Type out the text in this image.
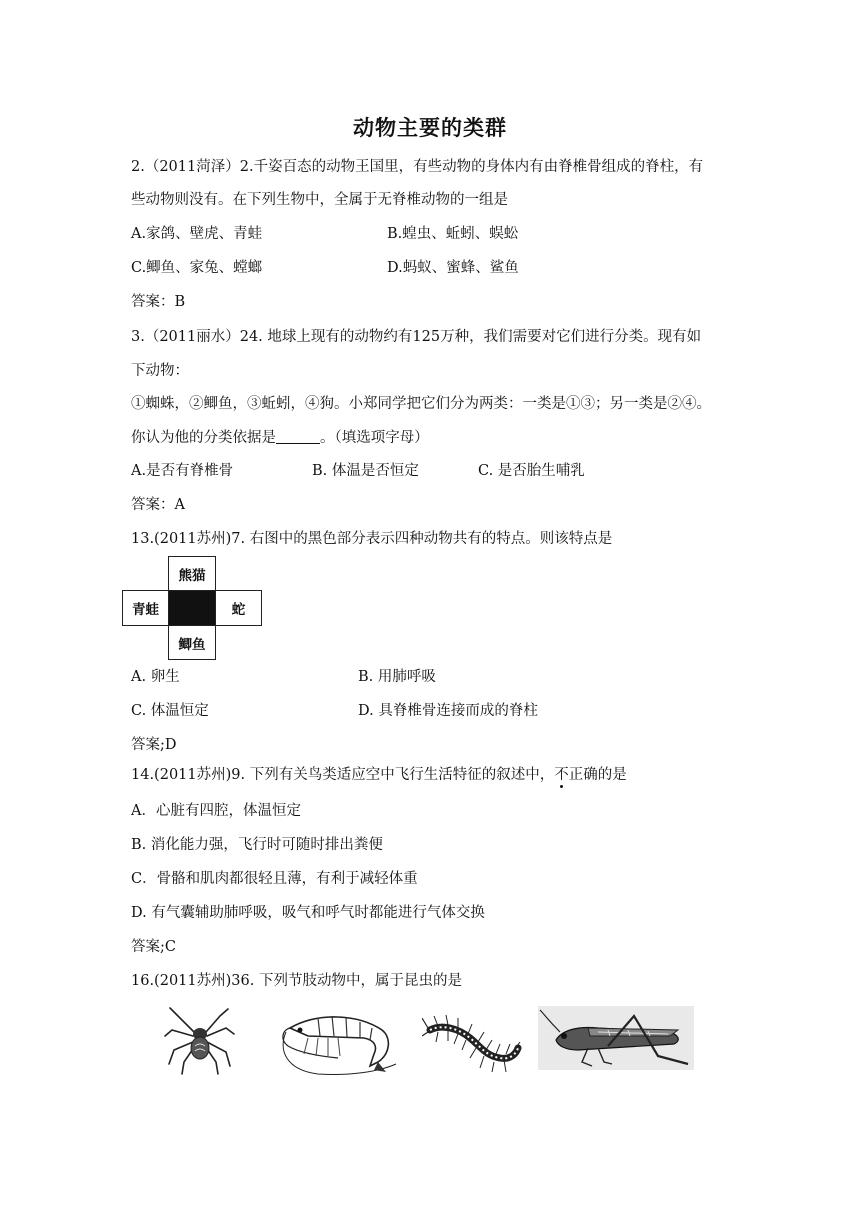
动物主要的类群
2.（2011菏泽）2.千姿百态的动物王国里，有些动物的身体内有由脊椎骨组成的脊柱，有
些动物则没有。在下列生物中，全属于无脊椎动物的一组是
A.家鸽、壁虎、青蛙	B.蝗虫、蚯蚓、蜈蚣
C.鲫鱼、家兔、螳螂	D.蚂蚁、蜜蜂、鲨鱼
答案：B
3.（2011丽水）24. 地球上现有的动物约有125万种，我们需要对它们进行分类。现有如
下动物：
①蜘蛛，②鲫鱼，③蚯蚓，④狗。小郑同学把它们分为两类：一类是①③；另一类是②④。
你认为他的分类依据是	。（填选项字母）
A.是否有脊椎骨	B. 体温是否恒定	C. 是否胎生哺乳
答案：A
13.(2011苏州)7. 右图中的黑色部分表示四种动物共有的特点。则该特点是
熊猫
青蛙	蛇
鲫鱼
A. 卵生	B. 用肺呼吸
C. 体温恒定	D. 具脊椎骨连接而成的脊柱
答案;D
14.(2011苏州)9. 下列有关鸟类适应空中飞行生活特征的叙述中，不正确的是
A．心脏有四腔，体温恒定
B. 消化能力强，飞行时可随时排出粪便
C．骨骼和肌肉都很轻且薄，有利于减轻体重
D. 有气囊辅助肺呼吸，吸气和呼气时都能进行气体交换
答案;C
16.(2011苏州)36. 下列节肢动物中，属于昆虫的是
